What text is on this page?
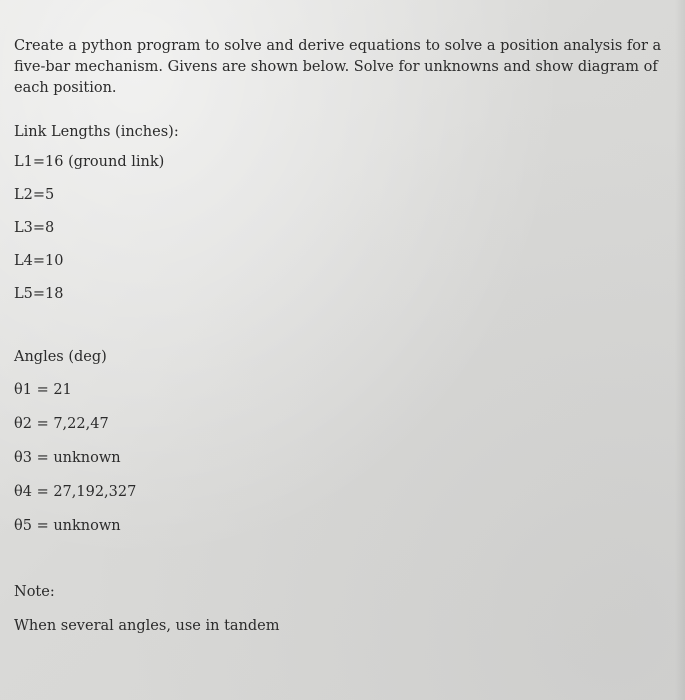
Create a python program to solve and derive equations to solve a position analysis for a five-bar mechanism. Givens are shown below. Solve for unknowns and show diagram of each position.

Link Lengths (inches):

L1=16 (ground link)

L2=5

L3=8

L4=10

L5=18

Angles (deg)

θ1 = 21

θ2 = 7,22,47

θ3 = unknown

θ4 = 27,192,327

θ5 = unknown

Note:

When several angles, use in tandem
